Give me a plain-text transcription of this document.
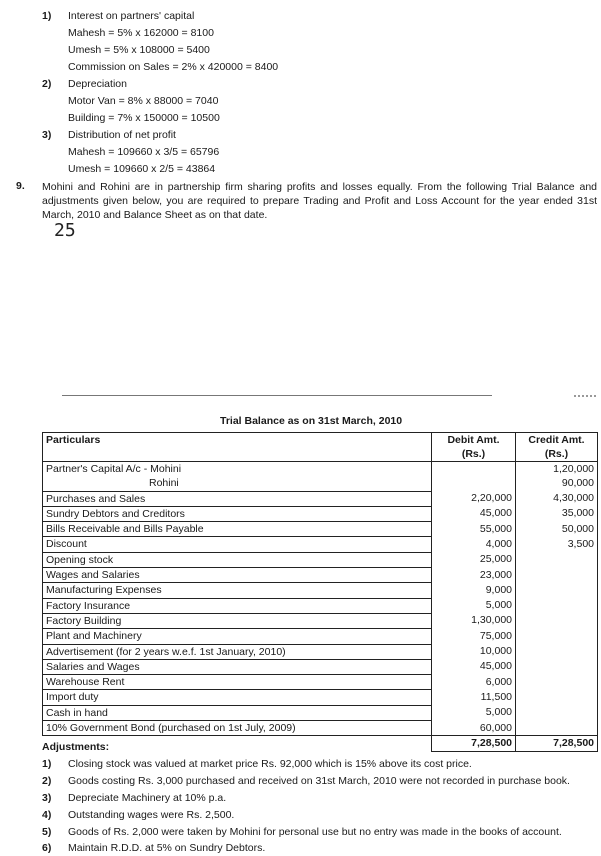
1) Interest on partners' capital
Mahesh = 5% x 162000 = 8100
Umesh = 5% x 108000 = 5400
Commission on Sales = 2% x 420000 = 8400
2) Depreciation
Motor Van = 8% x 88000 = 7040
Building = 7% x 150000 = 10500
3) Distribution of net profit
Mahesh = 109660 x 3/5 = 65796
Umesh = 109660 x 2/5 = 43864
9. Mohini and Rohini are in partnership firm sharing profits and losses equally. From the following Trial Balance and adjustments given below, you are required to prepare Trading and Profit and Loss Account for the year ended 31st March, 2010 and Balance Sheet as on that date.
25
Trial Balance as on 31st March, 2010
Particulars	Debit Amt. (Rs.)	Credit Amt. (Rs.)
Partner's Capital A/c - Mohini		1,20,000
Rohini		90,000
Purchases and Sales	2,20,000	4,30,000
Sundry Debtors and Creditors	45,000	35,000
Bills Receivable and Bills Payable	55,000	50,000
Discount	4,000	3,500
Opening stock	25,000	
Wages and Salaries	23,000	
Manufacturing Expenses	9,000	
Factory Insurance	5,000	
Factory Building	1,30,000	
Plant and Machinery	75,000	
Advertisement (for 2 years w.e.f. 1st January, 2010)	10,000	
Salaries and Wages	45,000	
Warehouse Rent	6,000	
Import duty	11,500	
Cash in hand	5,000	
10% Government Bond (purchased on 1st July, 2009)	60,000	
	7,28,500	7,28,500
Adjustments:
1) Closing stock was valued at market price Rs. 92,000 which is 15% above its cost price.
2) Goods costing Rs. 3,000 purchased and received on 31st March, 2010 were not recorded in purchase book.
3) Depreciate Machinery at 10% p.a.
4) Outstanding wages were Rs. 2,500.
5) Goods of Rs. 2,000 were taken by Mohini for personal use but no entry was made in the books of account.
6) Maintain R.D.D. at 5% on Sundry Debtors.
